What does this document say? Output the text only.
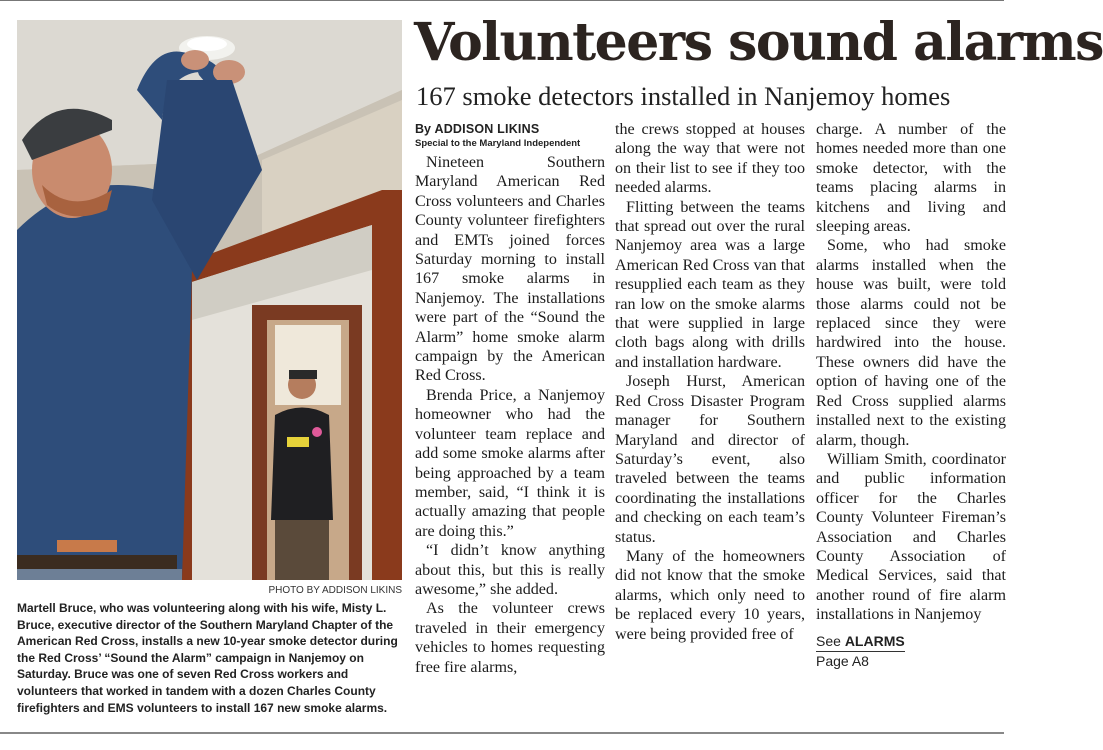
PHOTO BY ADDISON LIKINS
Martell Bruce, who was volunteering along with his wife, Misty L. Bruce, executive director of the Southern Maryland Chapter of the American Red Cross, installs a new 10-year smoke detector during the Red Cross’ “Sound the Alarm” campaign in Nanjemoy on Saturday. Bruce was one of seven Red Cross workers and volunteers that worked in tandem with a dozen Charles County firefighters and EMS volunteers to install 167 new smoke alarms.
Volunteers sound alarms
167 smoke detectors installed in Nanjemoy homes
By ADDISON LIKINS
Special to the Maryland Independent

Nineteen Southern Maryland American Red Cross volunteers and Charles County volunteer firefighters and EMTs joined forces Saturday morning to install 167 smoke alarms in Nanjemoy. The installations were part of the “Sound the Alarm” home smoke alarm campaign by the American Red Cross.

Brenda Price, a Nanjemoy homeowner who had the volunteer team replace and add some smoke alarms after being approached by a team member, said, “I think it is actually amazing that people are doing this.”

“I didn’t know anything about this, but this is really awesome,” she added.

As the volunteer crews traveled in their emergency vehicles to homes requesting free fire alarms,

the crews stopped at houses along the way that were not on their list to see if they too needed alarms.

Flitting between the teams that spread out over the rural Nanjemoy area was a large American Red Cross van that resupplied each team as they ran low on the smoke alarms that were supplied in large cloth bags along with drills and installation hardware.

Joseph Hurst, American Red Cross Disaster Program manager for Southern Maryland and director of Saturday’s event, also traveled between the teams coordinating the installations and checking on each team’s status.

Many of the homeowners did not know that the smoke alarms, which only need to be replaced every 10 years, were being provided free of

charge. A number of the homes needed more than one smoke detector, with the teams placing alarms in kitchens and living and sleeping areas.

Some, who had smoke alarms installed when the house was built, were told those alarms could not be replaced since they were hardwired into the house. These owners did have the option of having one of the Red Cross supplied alarms installed next to the existing alarm, though.

William Smith, coordinator and public information officer for the Charles County Volunteer Fireman’s Association and Charles County Association of Medical Services, said that another round of fire alarm installations in Nanjemoy

See ALARMS
Page A8
